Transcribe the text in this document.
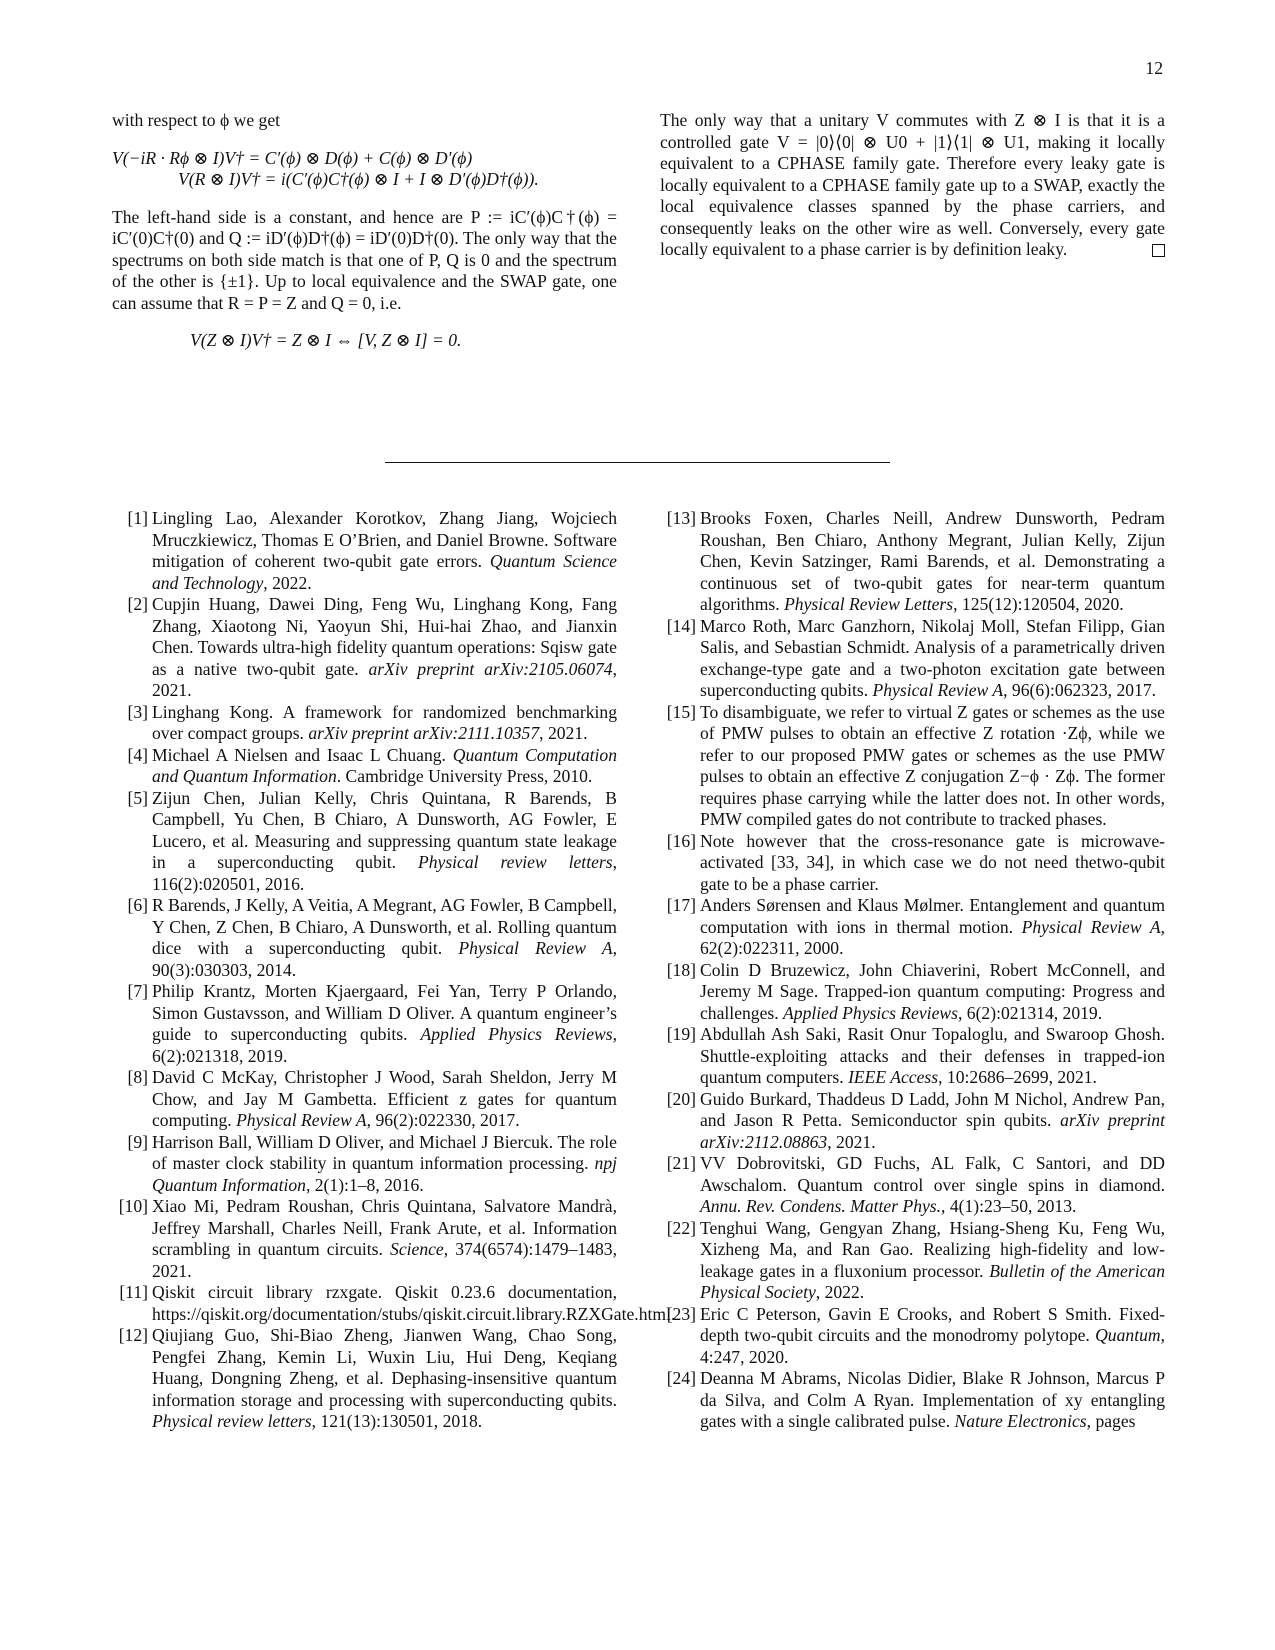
12

with respect to ϕ we get

V(−iR · Rϕ ⊗ I)V† = C′(ϕ) ⊗ D(ϕ) + C(ϕ) ⊗ D′(ϕ)

V(R ⊗ I)V† = i(C′(ϕ)C†(ϕ) ⊗ I + I ⊗ D′(ϕ)D†(ϕ)).

The left-hand side is a constant, and hence are P := iC′(ϕ)C†(ϕ) = iC′(0)C†(0) and Q := iD′(ϕ)D†(ϕ) = iD′(0)D†(0). The only way that the spectrums on both side match is that one of P, Q is 0 and the spectrum of the other is {±1}. Up to local equivalence and the SWAP gate, one can assume that R = P = Z and Q = 0, i.e.

V(Z ⊗ I)V† = Z ⊗ I ⇔ [V, Z ⊗ I] = 0.

The only way that a unitary V commutes with Z ⊗ I is that it is a controlled gate V = |0⟩⟨0| ⊗ U0 + |1⟩⟨1| ⊗ U1, making it locally equivalent to a CPHASE family gate. Therefore every leaky gate is locally equivalent to a CPHASE family gate up to a SWAP, exactly the local equivalence classes spanned by the phase carriers, and consequently leaks on the other wire as well. Conversely, every gate locally equivalent to a phase carrier is by definition leaky.

[1] Lingling Lao, Alexander Korotkov, Zhang Jiang, Wojciech Mruczkiewicz, Thomas E O’Brien, and Daniel Browne. Software mitigation of coherent two-qubit gate errors. Quantum Science and Technology, 2022.
[2] Cupjin Huang, Dawei Ding, Feng Wu, Linghang Kong, Fang Zhang, Xiaotong Ni, Yaoyun Shi, Hui-hai Zhao, and Jianxin Chen. Towards ultra-high fidelity quantum operations: Sqisw gate as a native two-qubit gate. arXiv preprint arXiv:2105.06074, 2021.
[3] Linghang Kong. A framework for randomized benchmarking over compact groups. arXiv preprint arXiv:2111.10357, 2021.
[4] Michael A Nielsen and Isaac L Chuang. Quantum Computation and Quantum Information. Cambridge University Press, 2010.
[5] Zijun Chen, Julian Kelly, Chris Quintana, R Barends, B Campbell, Yu Chen, B Chiaro, A Dunsworth, AG Fowler, E Lucero, et al. Measuring and suppressing quantum state leakage in a superconducting qubit. Physical review letters, 116(2):020501, 2016.
[6] R Barends, J Kelly, A Veitia, A Megrant, AG Fowler, B Campbell, Y Chen, Z Chen, B Chiaro, A Dunsworth, et al. Rolling quantum dice with a superconducting qubit. Physical Review A, 90(3):030303, 2014.
[7] Philip Krantz, Morten Kjaergaard, Fei Yan, Terry P Orlando, Simon Gustavsson, and William D Oliver. A quantum engineer’s guide to superconducting qubits. Applied Physics Reviews, 6(2):021318, 2019.
[8] David C McKay, Christopher J Wood, Sarah Sheldon, Jerry M Chow, and Jay M Gambetta. Efficient z gates for quantum computing. Physical Review A, 96(2):022330, 2017.
[9] Harrison Ball, William D Oliver, and Michael J Biercuk. The role of master clock stability in quantum information processing. npj Quantum Information, 2(1):1–8, 2016.
[10] Xiao Mi, Pedram Roushan, Chris Quintana, Salvatore Mandrà, Jeffrey Marshall, Charles Neill, Frank Arute, et al. Information scrambling in quantum circuits. Science, 374(6574):1479–1483, 2021.
[11] Qiskit circuit library rzxgate. Qiskit 0.23.6 documentation, https://qiskit.org/documentation/stubs/qiskit.circuit.library.RZXGate.html.
[12] Qiujiang Guo, Shi-Biao Zheng, Jianwen Wang, Chao Song, Pengfei Zhang, Kemin Li, Wuxin Liu, Hui Deng, Keqiang Huang, Dongning Zheng, et al. Dephasing-insensitive quantum information storage and processing with superconducting qubits. Physical review letters, 121(13):130501, 2018.
[13] Brooks Foxen, Charles Neill, Andrew Dunsworth, Pedram Roushan, Ben Chiaro, Anthony Megrant, Julian Kelly, Zijun Chen, Kevin Satzinger, Rami Barends, et al. Demonstrating a continuous set of two-qubit gates for near-term quantum algorithms. Physical Review Letters, 125(12):120504, 2020.
[14] Marco Roth, Marc Ganzhorn, Nikolaj Moll, Stefan Filipp, Gian Salis, and Sebastian Schmidt. Analysis of a parametrically driven exchange-type gate and a two-photon excitation gate between superconducting qubits. Physical Review A, 96(6):062323, 2017.
[15] To disambiguate, we refer to virtual Z gates or schemes as the use of PMW pulses to obtain an effective Z rotation ·Zϕ, while we refer to our proposed PMW gates or schemes as the use PMW pulses to obtain an effective Z conjugation Z−ϕ · Zϕ. The former requires phase carrying while the latter does not. In other words, PMW compiled gates do not contribute to tracked phases.
[16] Note however that the cross-resonance gate is microwave-activated [33, 34], in which case we do not need thetwo-qubit gate to be a phase carrier.
[17] Anders Sørensen and Klaus Mølmer. Entanglement and quantum computation with ions in thermal motion. Physical Review A, 62(2):022311, 2000.
[18] Colin D Bruzewicz, John Chiaverini, Robert McConnell, and Jeremy M Sage. Trapped-ion quantum computing: Progress and challenges. Applied Physics Reviews, 6(2):021314, 2019.
[19] Abdullah Ash Saki, Rasit Onur Topaloglu, and Swaroop Ghosh. Shuttle-exploiting attacks and their defenses in trapped-ion quantum computers. IEEE Access, 10:2686–2699, 2021.
[20] Guido Burkard, Thaddeus D Ladd, John M Nichol, Andrew Pan, and Jason R Petta. Semiconductor spin qubits. arXiv preprint arXiv:2112.08863, 2021.
[21] VV Dobrovitski, GD Fuchs, AL Falk, C Santori, and DD Awschalom. Quantum control over single spins in diamond. Annu. Rev. Condens. Matter Phys., 4(1):23–50, 2013.
[22] Tenghui Wang, Gengyan Zhang, Hsiang-Sheng Ku, Feng Wu, Xizheng Ma, and Ran Gao. Realizing high-fidelity and low-leakage gates in a fluxonium processor. Bulletin of the American Physical Society, 2022.
[23] Eric C Peterson, Gavin E Crooks, and Robert S Smith. Fixed-depth two-qubit circuits and the monodromy polytope. Quantum, 4:247, 2020.
[24] Deanna M Abrams, Nicolas Didier, Blake R Johnson, Marcus P da Silva, and Colm A Ryan. Implementation of xy entangling gates with a single calibrated pulse. Nature Electronics, pages
